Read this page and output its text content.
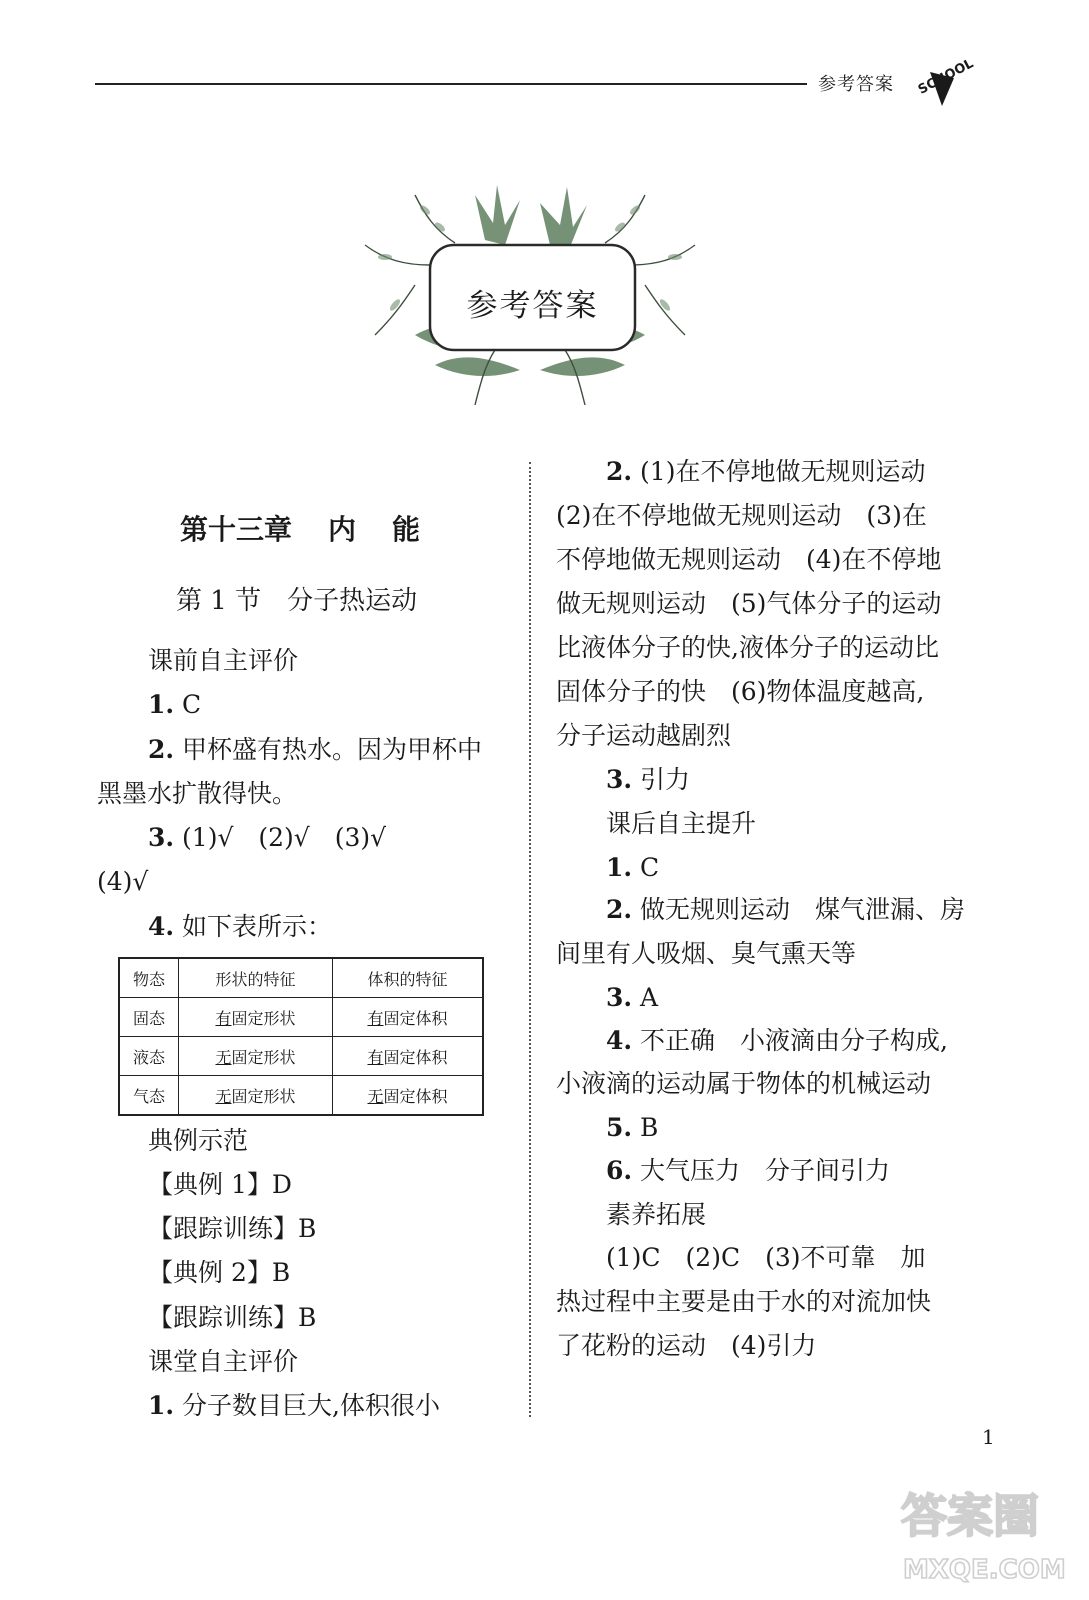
参考答案 SCHOOL
参考答案
第十三章 内 能
第 1 节　分子热运动
课前自主评价
1. C
2. 甲杯盛有热水。因为甲杯中
黑墨水扩散得快。
3. (1)√　(2)√　(3)√
(4)√
4. 如下表所示：
物态	形状的特征	体积的特征
固态	有固定形状	有固定体积
液态	无固定形状	有固定体积
气态	无固定形状	无固定体积
典例示范
【典例 1】D
【跟踪训练】B
【典例 2】B
【跟踪训练】B
课堂自主评价
1. 分子数目巨大,体积很小
2. (1)在不停地做无规则运动
(2)在不停地做无规则运动　(3)在
不停地做无规则运动　(4)在不停地
做无规则运动　(5)气体分子的运动
比液体分子的快,液体分子的运动比
固体分子的快　(6)物体温度越高,
分子运动越剧烈
3. 引力
课后自主提升
1. C
2. 做无规则运动　煤气泄漏、房
间里有人吸烟、臭气熏天等
3. A
4. 不正确　小液滴由分子构成,
小液滴的运动属于物体的机械运动
5. B
6. 大气压力　分子间引力
素养拓展
(1)C　(2)C　(3)不可靠　加
热过程中主要是由于水的对流加快
了花粉的运动　(4)引力
1
答案圈
MXQE.COM
